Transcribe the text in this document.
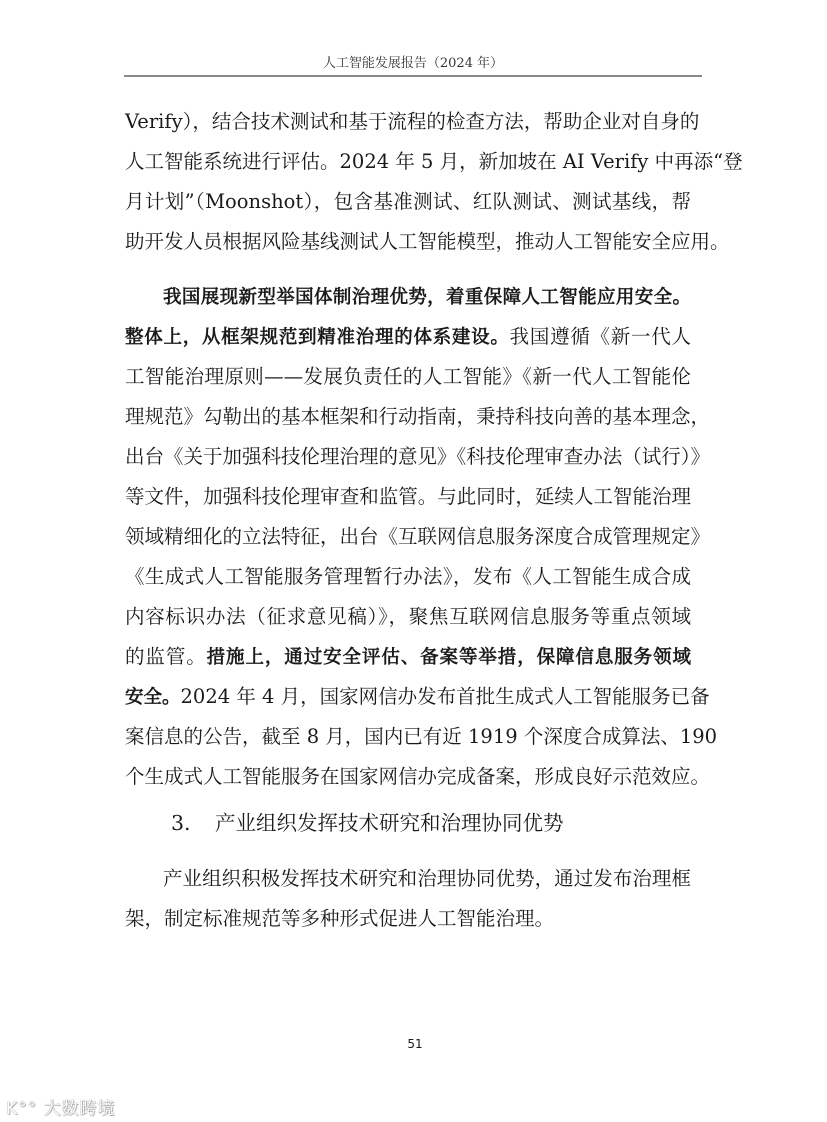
人工智能发展报告（2024 年）
Verify），结合技术测试和基于流程的检查方法，帮助企业对自身的
人工智能系统进行评估。2024 年 5 月，新加坡在 AI Verify 中再添“登
月计划”（Moonshot），包含基准测试、红队测试、测试基线，帮
助开发人员根据风险基线测试人工智能模型，推动人工智能安全应用。
我国展现新型举国体制治理优势，着重保障人工智能应用安全。
整体上，从框架规范到精准治理的体系建设。我国遵循《新一代人
工智能治理原则——发展负责任的人工智能》《新一代人工智能伦
理规范》勾勒出的基本框架和行动指南，秉持科技向善的基本理念，
出台《关于加强科技伦理治理的意见》《科技伦理审查办法（试行）》
等文件，加强科技伦理审查和监管。与此同时，延续人工智能治理
领域精细化的立法特征，出台《互联网信息服务深度合成管理规定》
《生成式人工智能服务管理暂行办法》，发布《人工智能生成合成
内容标识办法（征求意见稿）》，聚焦互联网信息服务等重点领域
的监管。措施上，通过安全评估、备案等举措，保障信息服务领域
安全。2024 年 4 月，国家网信办发布首批生成式人工智能服务已备
案信息的公告，截至 8 月，国内已有近 1919 个深度合成算法、190
个生成式人工智能服务在国家网信办完成备案，形成良好示范效应。
3. 产业组织发挥技术研究和治理协同优势
产业组织积极发挥技术研究和治理协同优势，通过发布治理框
架，制定标准规范等多种形式促进人工智能治理。
51
K°° 大数跨境
